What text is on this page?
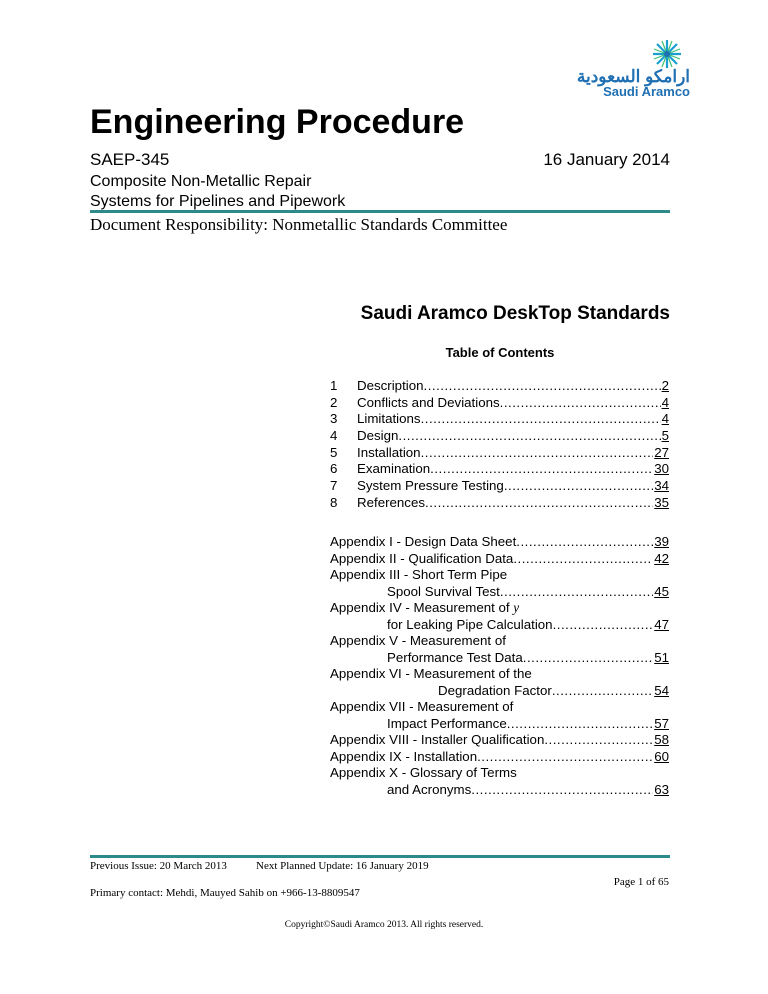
ارامكو السعودية
Saudi Aramco
Engineering Procedure
SAEP-345	16 January 2014
Composite Non-Metallic Repair
Systems for Pipelines and Pipework
Document Responsibility: Nonmetallic Standards Committee
Saudi Aramco DeskTop Standards
Table of Contents
1	Description .....	2
2	Conflicts and Deviations .....	4
3	Limitations .....	4
4	Design .....	5
5	Installation .....	27
6	Examination .....	30
7	System Pressure Testing .....	34
8	References .....	35
Appendix I - Design Data Sheet .....	39
Appendix II - Qualification Data .....	42
Appendix III - Short Term Pipe
Spool Survival Test .....	45
Appendix IV - Measurement of y
for Leaking Pipe Calculation .....	47
Appendix V - Measurement of
Performance Test Data .....	51
Appendix VI - Measurement of the
Degradation Factor .....	54
Appendix VII - Measurement of
Impact Performance .....	57
Appendix VIII - Installer Qualification .....	58
Appendix IX - Installation .....	60
Appendix X - Glossary of Terms
and Acronyms .....	63
Previous Issue: 20 March 2013	Next Planned Update: 16 January 2019
Page 1 of 65
Primary contact: Mehdi, Mauyed Sahib on +966-13-8809547
Copyright©Saudi Aramco 2013. All rights reserved.
